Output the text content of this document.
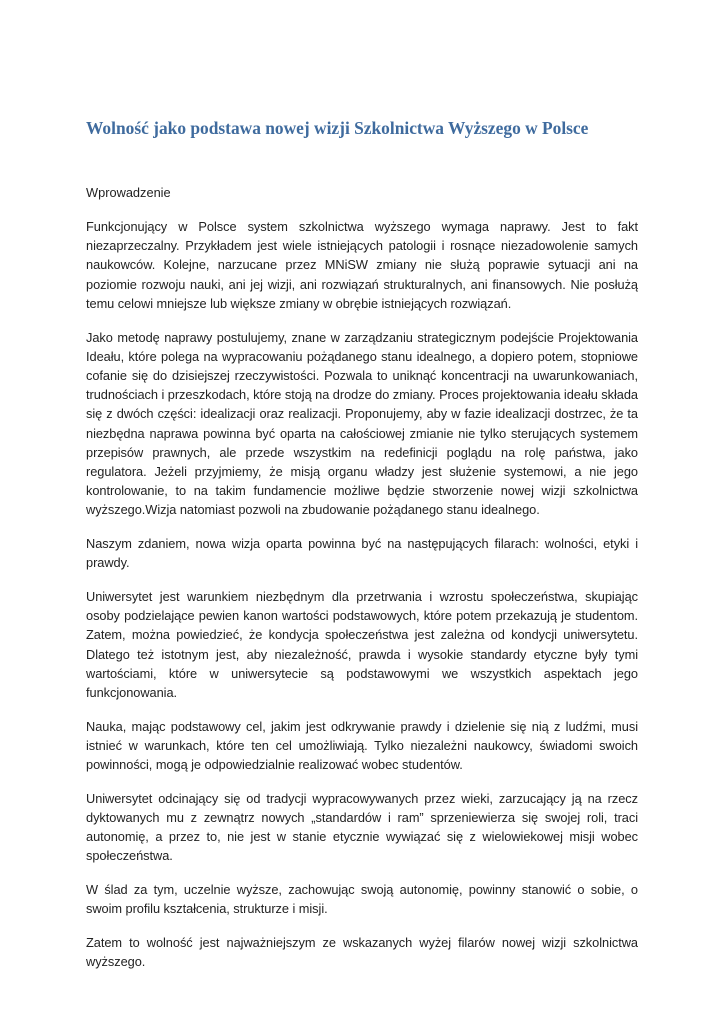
Wolność jako podstawa nowej wizji Szkolnictwa Wyższego w Polsce
Wprowadzenie

Funkcjonujący w Polsce system szkolnictwa wyższego wymaga naprawy. Jest to fakt niezaprzeczalny. Przykładem jest wiele istniejących patologii i rosnące niezadowolenie samych naukowców. Kolejne, narzucane przez MNiSW zmiany nie służą poprawie sytuacji ani na poziomie rozwoju nauki, ani jej wizji, ani rozwiązań strukturalnych, ani finansowych. Nie posłużą temu celowi mniejsze lub większe zmiany w obrębie istniejących rozwiązań.

Jako metodę naprawy postulujemy, znane w zarządzaniu strategicznym podejście Projektowania Ideału, które polega na wypracowaniu pożądanego stanu idealnego, a dopiero potem, stopniowe cofanie się do dzisiejszej rzeczywistości. Pozwala to uniknąć koncentracji na uwarunkowaniach, trudnościach i przeszkodach, które stoją na drodze do zmiany. Proces projektowania ideału składa się z dwóch części: idealizacji oraz realizacji. Proponujemy, aby w fazie idealizacji dostrzec, że ta niezbędna naprawa powinna być oparta na całościowej zmianie nie tylko sterujących systemem przepisów prawnych, ale przede wszystkim na redefinicji poglądu na rolę państwa, jako regulatora. Jeżeli przyjmiemy, że misją organu władzy jest służenie systemowi, a nie jego kontrolowanie, to na takim fundamencie możliwe będzie stworzenie nowej wizji szkolnictwa wyższego.Wizja natomiast pozwoli na zbudowanie pożądanego stanu idealnego.

Naszym zdaniem, nowa wizja oparta powinna być na następujących filarach: wolności, etyki i prawdy.

Uniwersytet jest warunkiem niezbędnym dla przetrwania i wzrostu społeczeństwa, skupiając osoby podzielające pewien kanon wartości podstawowych, które potem przekazują je studentom. Zatem, można powiedzieć, że kondycja społeczeństwa jest zależna od kondycji uniwersytetu. Dlatego też istotnym jest, aby niezależność, prawda i wysokie standardy etyczne były tymi wartościami, które w uniwersytecie są podstawowymi we wszystkich aspektach jego funkcjonowania.

Nauka, mając podstawowy cel, jakim jest odkrywanie prawdy i dzielenie się nią z ludźmi, musi istnieć w warunkach, które ten cel umożliwiają. Tylko niezależni naukowcy, świadomi swoich powinności, mogą je odpowiedzialnie realizować wobec studentów.

Uniwersytet odcinający się od tradycji wypracowywanych przez wieki, zarzucający ją na rzecz dyktowanych mu z zewnątrz nowych „standardów i ram” sprzeniewierza się swojej roli, traci autonomię, a przez to, nie jest w stanie etycznie wywiązać się z wielowiekowej misji wobec społeczeństwa.

W ślad za tym, uczelnie wyższe, zachowując swoją autonomię, powinny stanowić o sobie, o swoim profilu kształcenia, strukturze i misji.

Zatem to wolność jest najważniejszym ze wskazanych wyżej filarów nowej wizji szkolnictwa wyższego.
